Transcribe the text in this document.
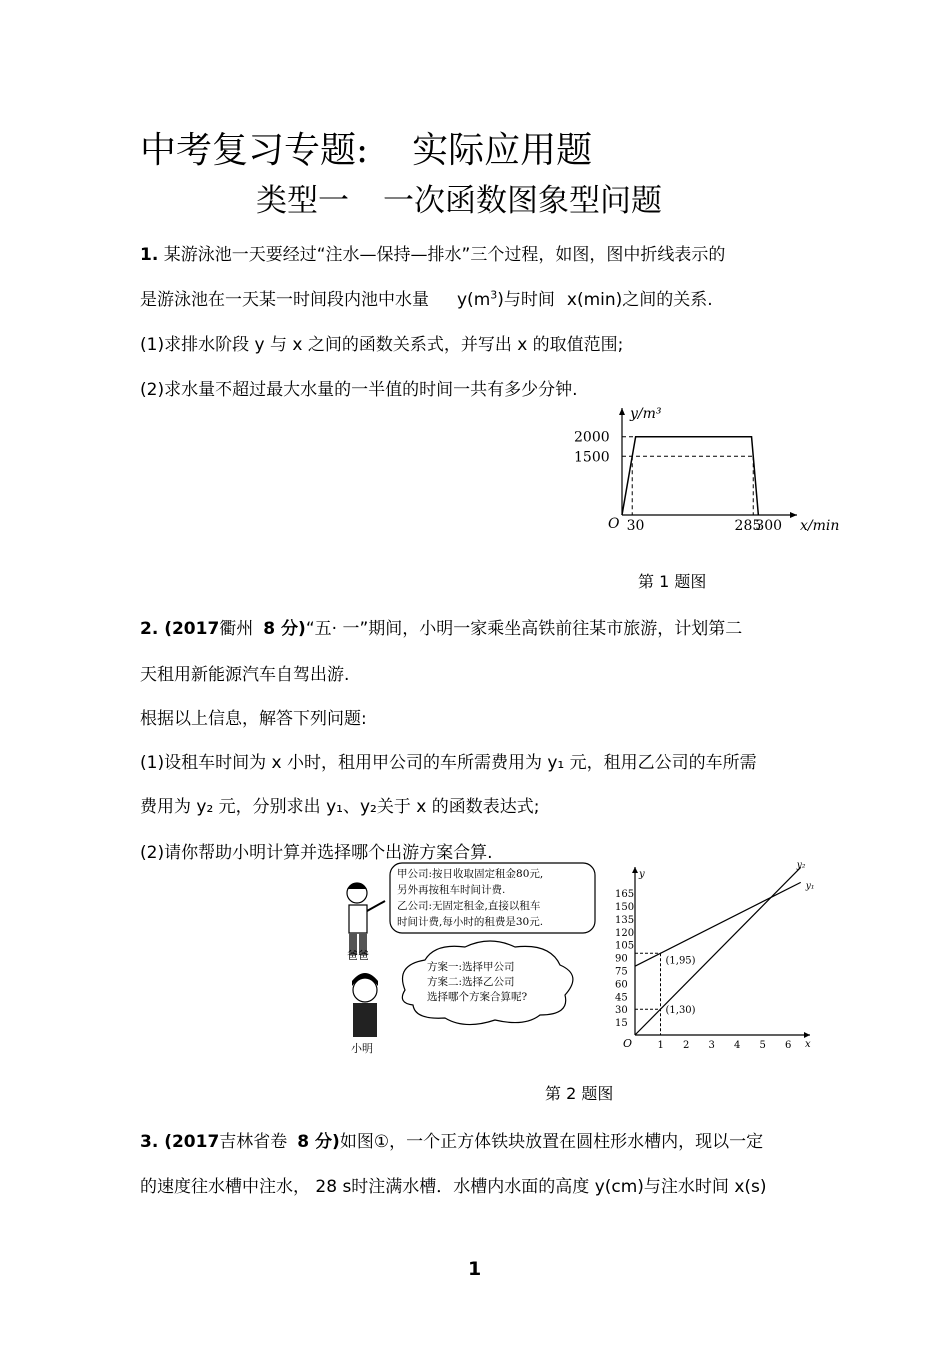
中考复习专题: 实际应用题
类型一 一次函数图象型问题
1. 某游泳池一天要经过“注水—保持—排水”三个过程，如图，图中折线表示的
是游泳池在一天某一时间段内池中水量 $y(m^3)$与时间 x(min)之间的关系.
(1)求排水阶段 y 与 x 之间的函数关系式，并写出 x 的取值范围;
(2)求水量不超过最大水量的一半值的时间一共有多少分钟.
y/m³
x/min
O
1500
2000
30	285
300
第 1 题图
2. (2017衢州 8 分)“五· 一”期间，小明一家乘坐高铁前往某市旅游，计划第二
天租用新能源汽车自驾出游.
根据以上信息，解答下列问题:
(1)设租车时间为 x 小时，租用甲公司的车所需费用为 y₁ 元，租用乙公司的车所需
费用为 y₂ 元，分别求出 y₁、y₂关于 x 的函数表达式;
(2)请你帮助小明计算并选择哪个出游方案合算.
爸爸
甲公司:按日收取固定租金80元,
另外再按租车时间计费.
乙公司:无固定租金,直接以租车
时间计费,每小时的租费是30元.
方案一:选择甲公司
方案二:选择乙公司
选择哪个方案合算呢?
小明
y
x
O
15
30
45
60
75
90
105
120
135
150
165
1 2 3 4 5 6
y₁
y₂
(1,95)
(1,30)
第 2 题图
3. (2017吉林省卷 8 分)如图①，一个正方体铁块放置在圆柱形水槽内，现以一定
的速度往水槽中注水， 28 s时注满水槽．水槽内水面的高度 y(cm)与注水时间 x(s)
1
